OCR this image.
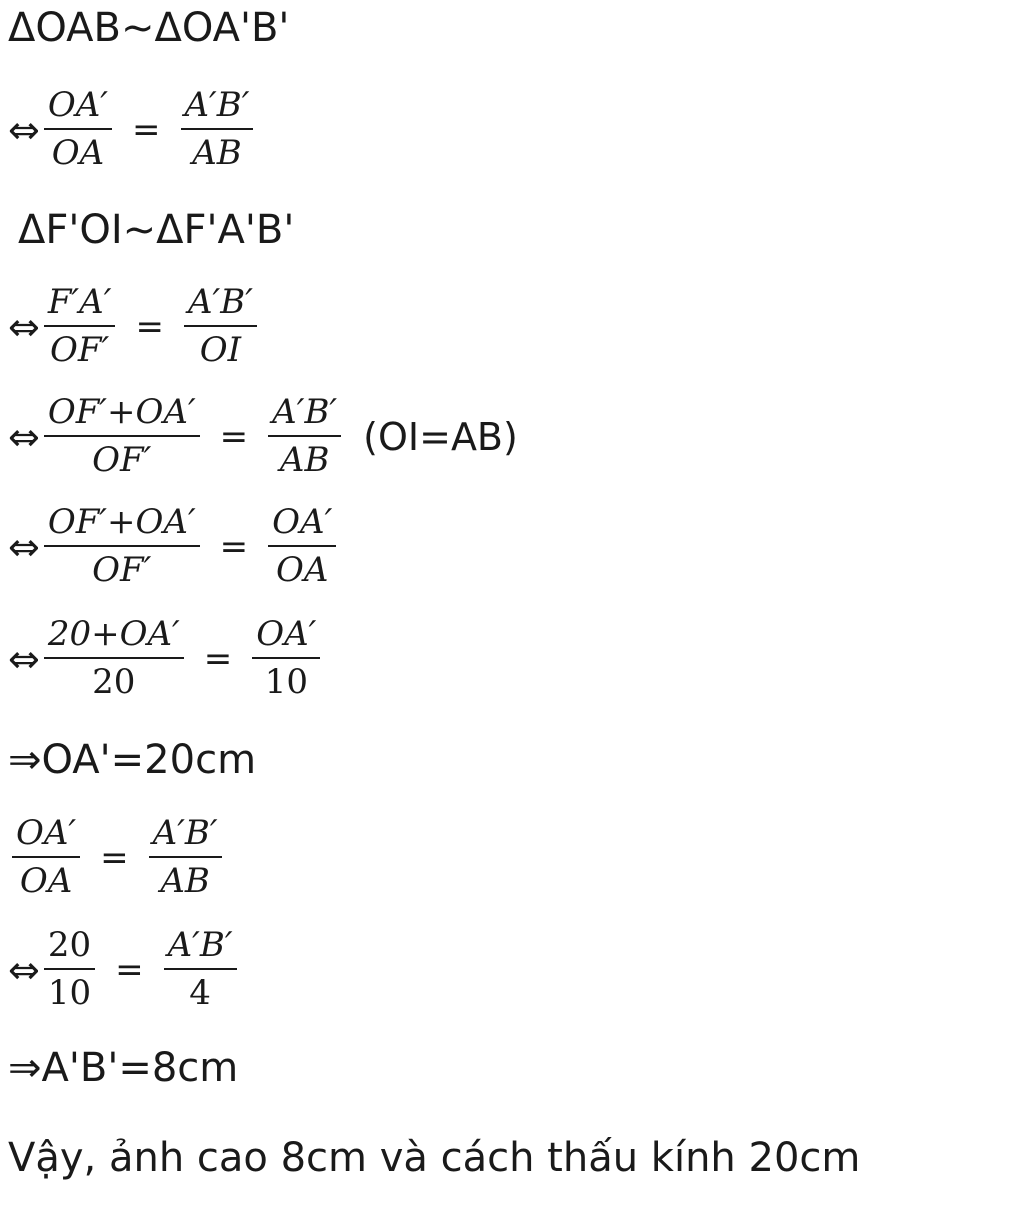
ΔOAB~ΔOA'B'
⇔ $\frac{OA'}{OA} = \frac{A'B'}{AB}$
ΔF'OI~ΔF'A'B'
⇔ $\frac{F'A'}{OF'} = \frac{A'B'}{OI}$
⇔ $\frac{OF'+OA'}{OF'} = \frac{A'B'}{AB} (OI=AB)$
⇔ $\frac{OF'+OA'}{OF'} = \frac{OA'}{OA}$
⇔ $\frac{20+OA'}{20} = \frac{OA'}{10}$
⇒OA'=20cm
$\frac{OA'}{OA} = \frac{A'B'}{AB}$
⇔ $\frac{20}{10} = \frac{A'B'}{4}$
⇒A'B'=8cm
Vậy, ảnh cao 8cm và cách thấu kính 20cm
